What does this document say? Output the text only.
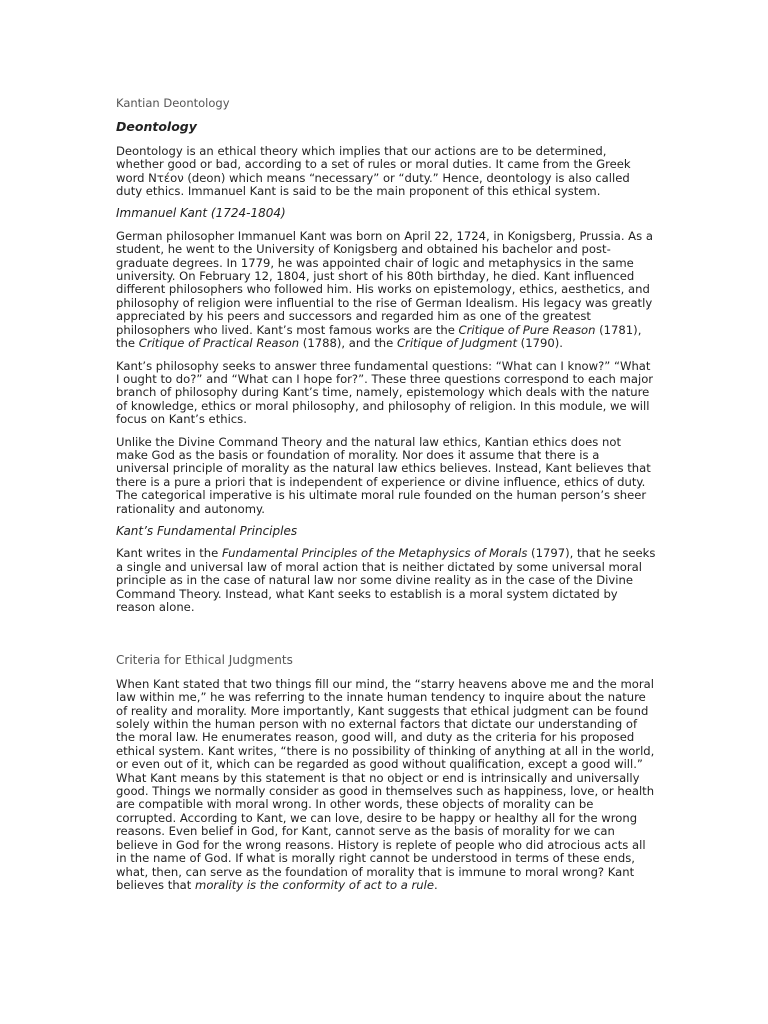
Kantian Deontology

Deontology

Deontology is an ethical theory which implies that our actions are to be determined, whether good or bad, according to a set of rules or moral duties. It came from the Greek word Ντέον (deon) which means “necessary” or “duty.” Hence, deontology is also called duty ethics. Immanuel Kant is said to be the main proponent of this ethical system.

Immanuel Kant (1724-1804)

German philosopher Immanuel Kant was born on April 22, 1724, in Konigsberg, Prussia. As a student, he went to the University of Konigsberg and obtained his bachelor and post-graduate degrees. In 1779, he was appointed chair of logic and metaphysics in the same university. On February 12, 1804, just short of his 80th birthday, he died. Kant influenced different philosophers who followed him. His works on epistemology, ethics, aesthetics, and philosophy of religion were influential to the rise of German Idealism. His legacy was greatly appreciated by his peers and successors and regarded him as one of the greatest philosophers who lived. Kant’s most famous works are the Critique of Pure Reason (1781), the Critique of Practical Reason (1788), and the Critique of Judgment (1790).

Kant’s philosophy seeks to answer three fundamental questions: “What can I know?” “What I ought to do?” and “What can I hope for?”. These three questions correspond to each major branch of philosophy during Kant’s time, namely, epistemology which deals with the nature of knowledge, ethics or moral philosophy, and philosophy of religion. In this module, we will focus on Kant’s ethics.

Unlike the Divine Command Theory and the natural law ethics, Kantian ethics does not make God as the basis or foundation of morality. Nor does it assume that there is a universal principle of morality as the natural law ethics believes. Instead, Kant believes that there is a pure a priori that is independent of experience or divine influence, ethics of duty. The categorical imperative is his ultimate moral rule founded on the human person’s sheer rationality and autonomy.

Kant’s Fundamental Principles

Kant writes in the Fundamental Principles of the Metaphysics of Morals (1797), that he seeks a single and universal law of moral action that is neither dictated by some universal moral principle as in the case of natural law nor some divine reality as in the case of the Divine Command Theory. Instead, what Kant seeks to establish is a moral system dictated by reason alone.

Criteria for Ethical Judgments

When Kant stated that two things fill our mind, the “starry heavens above me and the moral law within me,” he was referring to the innate human tendency to inquire about the nature of reality and morality. More importantly, Kant suggests that ethical judgment can be found solely within the human person with no external factors that dictate our understanding of the moral law. He enumerates reason, good will, and duty as the criteria for his proposed ethical system. Kant writes, “there is no possibility of thinking of anything at all in the world, or even out of it, which can be regarded as good without qualification, except a good will.” What Kant means by this statement is that no object or end is intrinsically and universally good. Things we normally consider as good in themselves such as happiness, love, or health are compatible with moral wrong. In other words, these objects of morality can be corrupted. According to Kant, we can love, desire to be happy or healthy all for the wrong reasons. Even belief in God, for Kant, cannot serve as the basis of morality for we can believe in God for the wrong reasons. History is replete of people who did atrocious acts all in the name of God. If what is morally right cannot be understood in terms of these ends, what, then, can serve as the foundation of morality that is immune to moral wrong? Kant believes that morality is the conformity of act to a rule.
